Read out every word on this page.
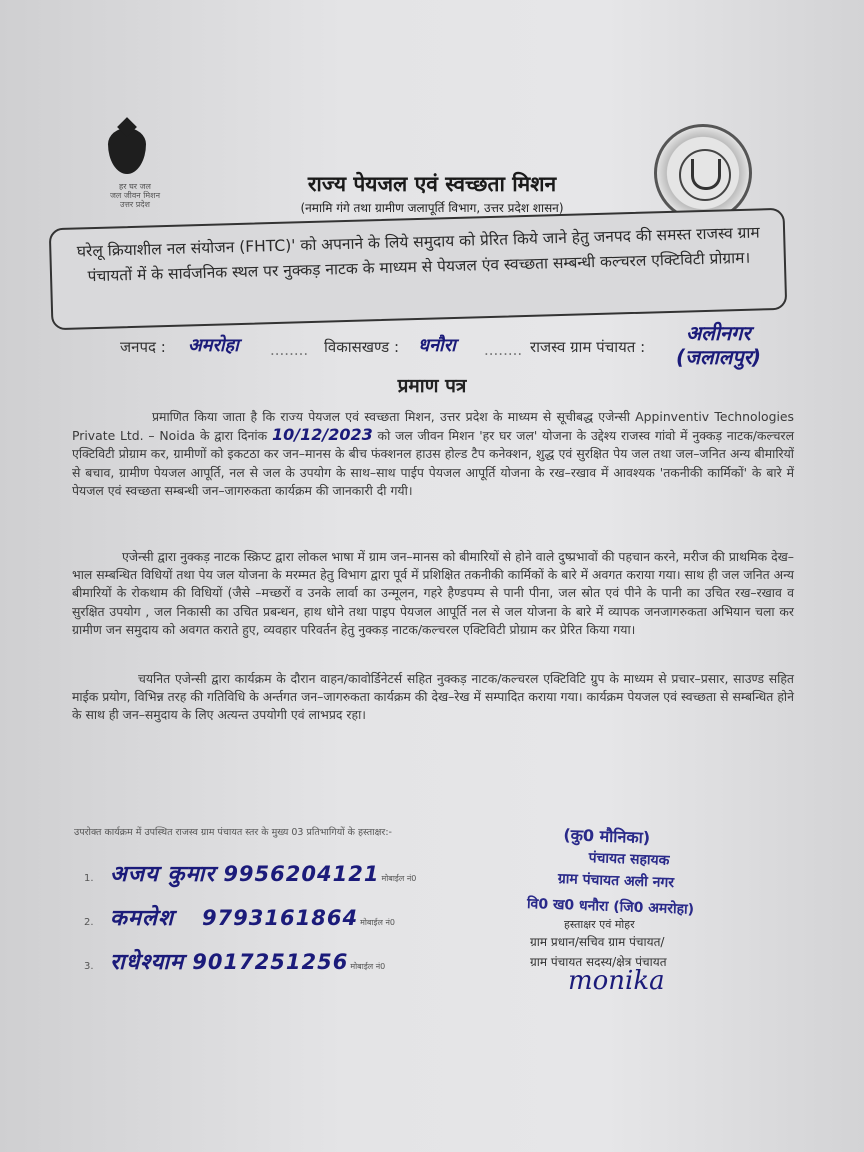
हर घर जल
जल जीवन मिशन
उत्तर प्रदेश
राज्य पेयजल एवं स्वच्छता मिशन
(नमामि गंगे तथा ग्रामीण जलापूर्ति विभाग, उत्तर प्रदेश शासन)
घरेलू क्रियाशील नल संयोजन (FHTC)' को अपनाने के लिये समुदाय को प्रेरित किये जाने हेतु जनपद की समस्त राजस्व ग्राम पंचायतों में के सार्वजनिक स्थल पर नुक्कड़ नाटक के माध्यम से पेयजल एंव स्वच्छता सम्बन्धी कल्चरल एक्टिविटी प्रोग्राम।
जनपद : अमरोहा ........ विकासखण्ड : धनौरा ........ राजस्व ग्राम पंचायत :
अलीनगर
(जलालपुर)
प्रमाण पत्र
प्रमाणित किया जाता है कि राज्य पेयजल एवं स्वच्छता मिशन, उत्तर प्रदेश के माध्यम से सूचीबद्ध एजेन्सी Appinventiv Technologies Private Ltd. – Noida के द्वारा दिनांक 10/12/2023 को जल जीवन मिशन 'हर घर जल' योजना के उद्देश्य राजस्व गांवो में नुक्कड़ नाटक/कल्चरल एक्टिविटी प्रोग्राम कर, ग्रामीणों को इकटठा कर जन–मानस के बीच फंक्शनल हाउस होल्ड टैप कनेक्शन, शुद्ध एवं सुरक्षित पेय जल तथा जल–जनित अन्य बीमारियों से बचाव, ग्रामीण पेयजल आपूर्ति, नल से जल के उपयोग के साथ–साथ पाईप पेयजल आपूर्ति योजना के रख–रखाव में आवश्यक 'तकनीकी कार्मिकों' के बारे में पेयजल एवं स्वच्छता सम्बन्धी जन–जागरुकता कार्यक्रम की जानकारी दी गयी।
एजेन्सी द्वारा नुक्कड़ नाटक स्क्रिप्ट द्वारा लोकल भाषा में ग्राम जन–मानस को बीमारियों से होने वाले दुष्प्रभावों की पहचान करने, मरीज की प्राथमिक देख–भाल सम्बन्धित विधियों तथा पेय जल योजना के मरम्मत हेतु विभाग द्वारा पूर्व में प्रशिक्षित तकनीकी कार्मिकों के बारे में अवगत कराया गया। साथ ही जल जनित अन्य बीमारियों के रोकथाम की विधियों (जैसे –मच्छरों व उनके लार्वा का उन्मूलन, गहरे हैण्डपम्प से पानी पीना, जल स्रोत एवं पीने के पानी का उचित रख–रखाव व सुरक्षित उपयोग , जल निकासी का उचित प्रबन्धन, हाथ धोने तथा पाइप पेयजल आपूर्ति नल से जल योजना के बारे में व्यापक जनजागरुकता अभियान चला कर ग्रामीण जन समुदाय को अवगत कराते हुए, व्यवहार परिवर्तन हेतु नुक्कड़ नाटक/कल्चरल एक्टिविटी प्रोग्राम कर प्रेरित किया गया।
चयनित एजेन्सी द्वारा कार्यक्रम के दौरान वाहन/कावोर्डिनेटर्स सहित नुक्कड़ नाटक/कल्चरल एक्टिविटि ग्रुप के माध्यम से प्रचार–प्रसार, साउण्ड सहित माईक प्रयोग, विभिन्न तरह की गतिविधि के अर्न्तगत जन–जागरुकता कार्यक्रम की देख–रेख में सम्पादित कराया गया। कार्यक्रम पेयजल एवं स्वच्छता से सम्बन्धित होने के साथ ही जन–समुदाय के लिए अत्यन्त उपयोगी एवं लाभप्रद रहा।
उपरोक्त कार्यक्रम में उपस्थित राजस्व ग्राम पंचायत स्तर के मुख्य 03 प्रतिभागियों के हस्ताक्षर:-
1. अजय कुमार 9956204121 मोबाईल नं0
2. कमलेश 9793161864 मोबाईल नं0
3. राधेश्याम 9017251256 मोबाईल नं0
(कु0 मौनिका)
पंचायत सहायक
ग्राम पंचायत अली नगर
वि0 ख0 धनौरा (जि0 अमरोहा)
हस्ताक्षर एवं मोहर
ग्राम प्रधान/सचिव ग्राम पंचायत/
ग्राम पंचायत सदस्य/क्षेत्र पंचायत
monika
